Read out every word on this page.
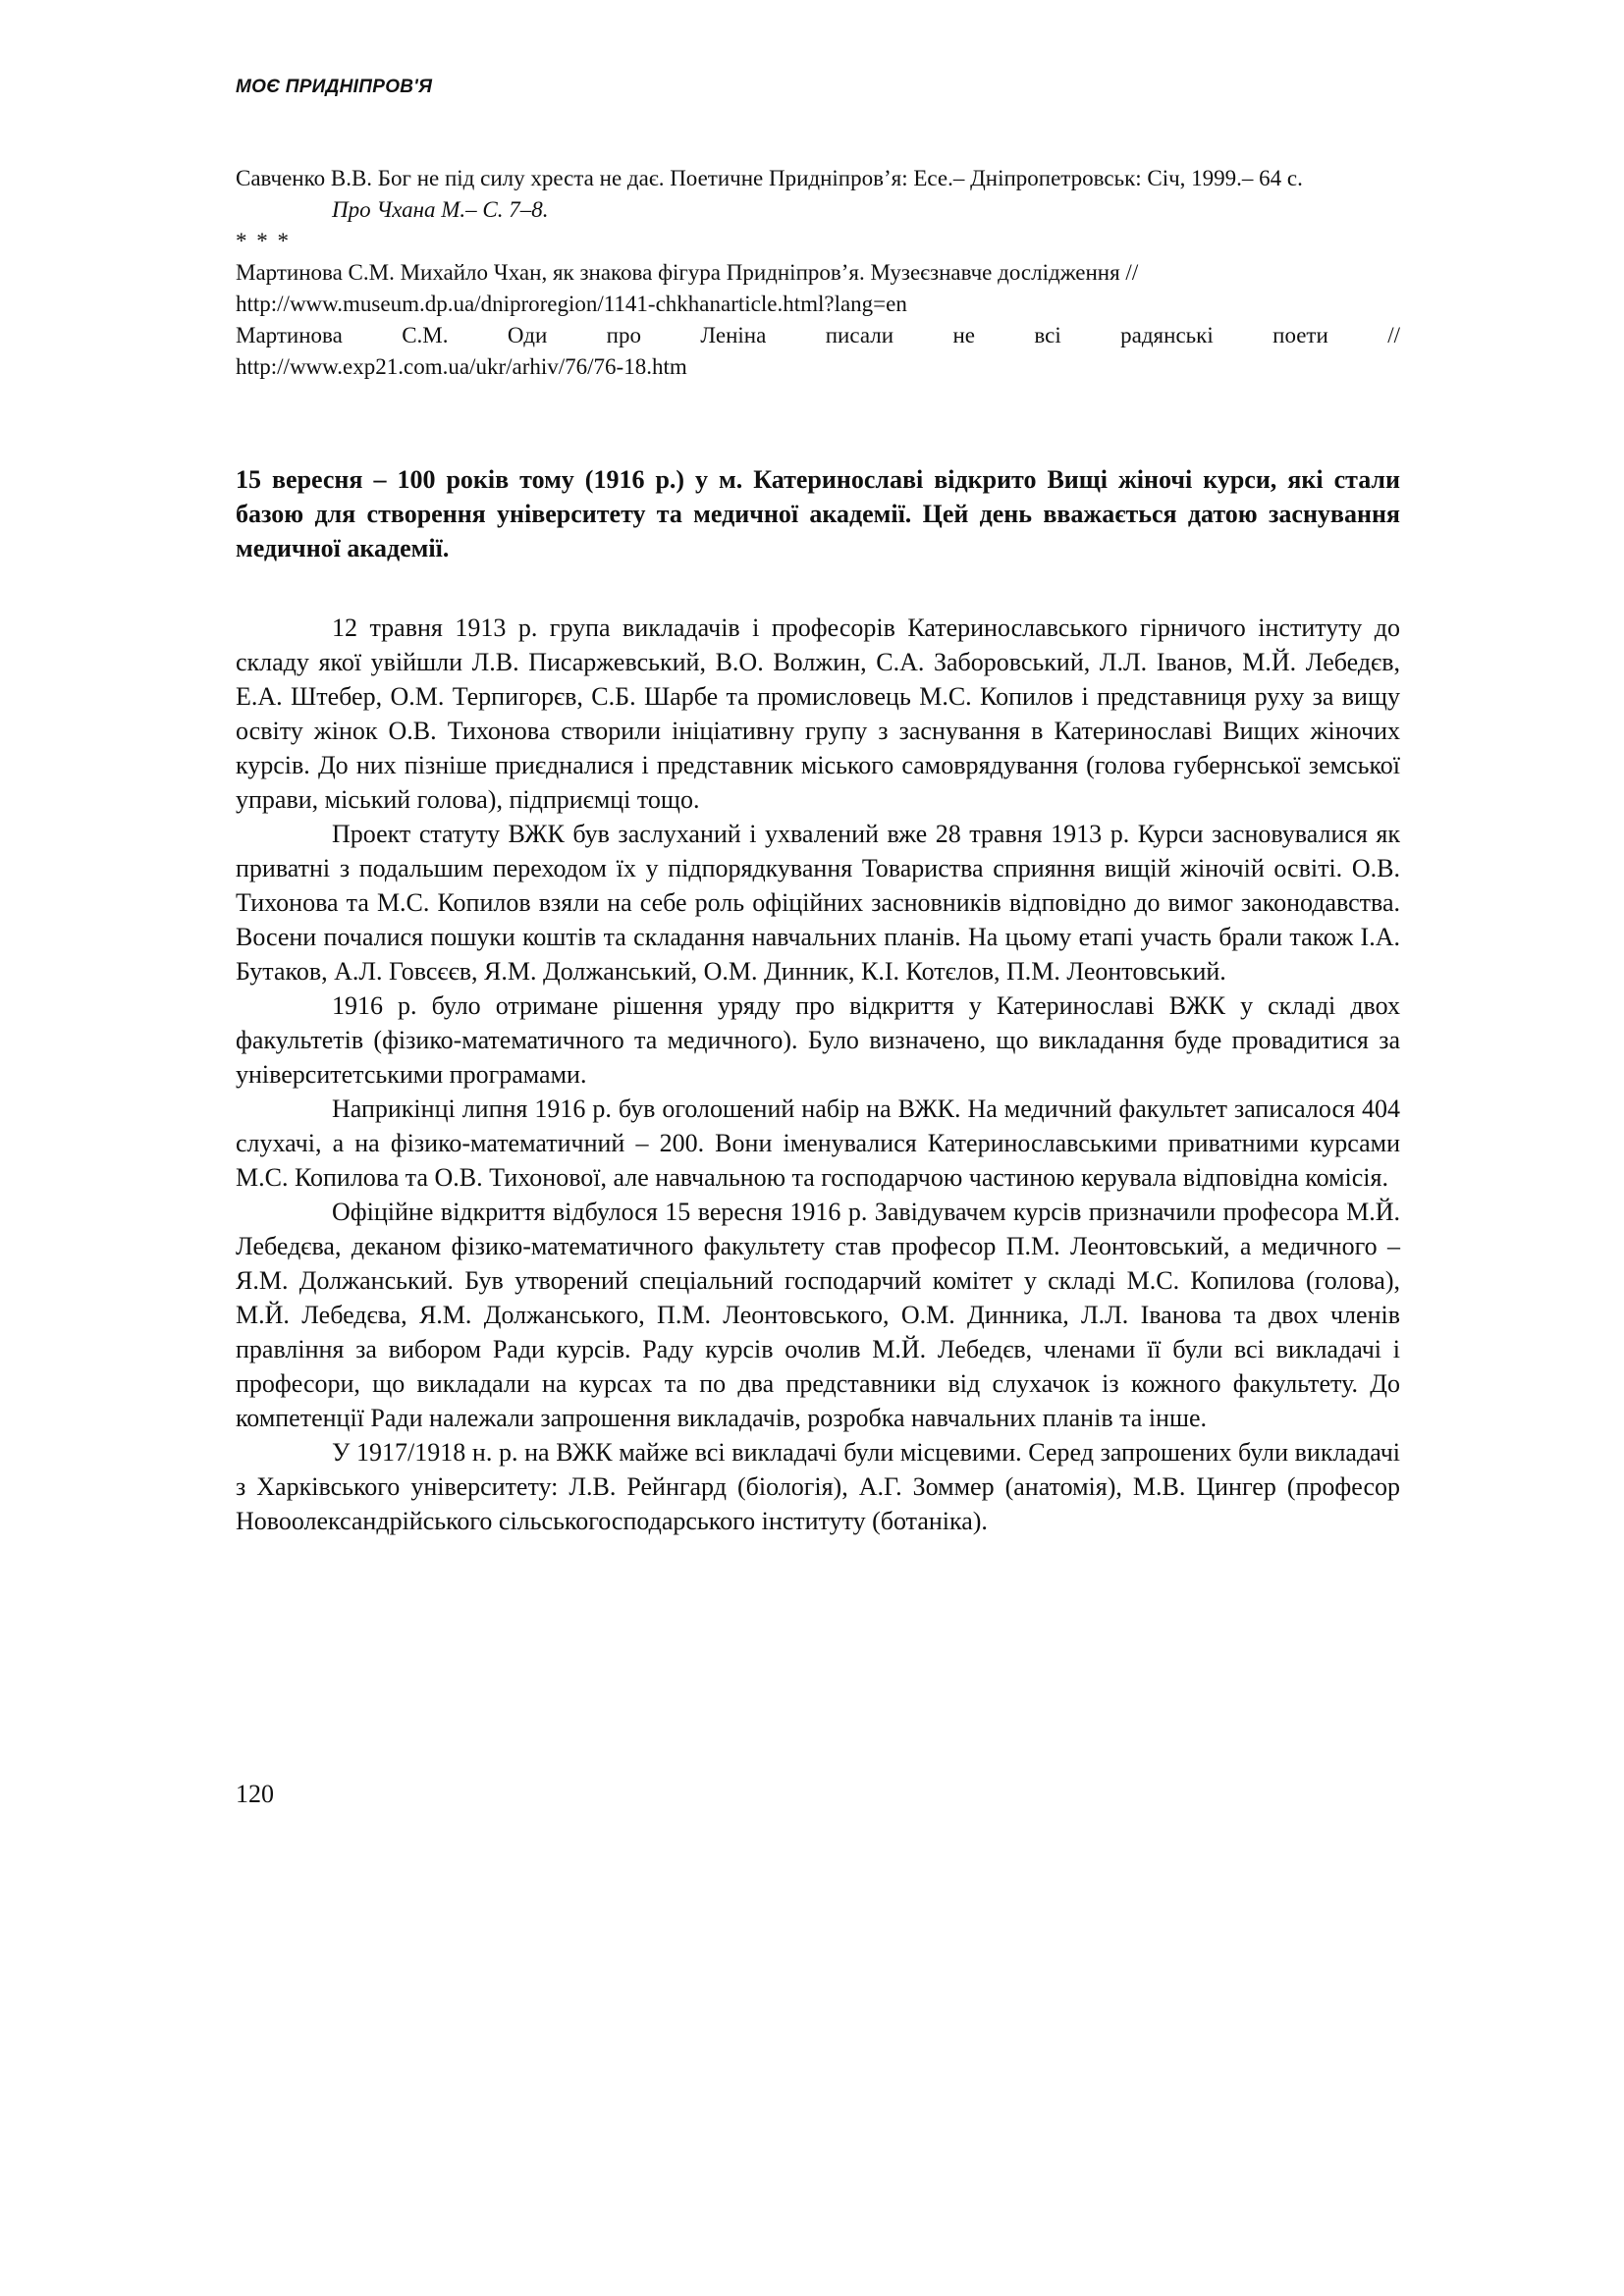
МОЄ ПРИДНІПРОВ'Я

Савченко В.В. Бог не під силу хреста не дає. Поетичне Придніпров’я: Есе.– Дніпропетровськ: Січ, 1999.– 64 с.

Про Чхана М.– С. 7–8.

* * *

Мартинова С.М. Михайло Чхан, як знакова фігура Придніпров’я. Музеєзнавче дослідження //

http://www.museum.dp.ua/dniproregion/1141-chkhanarticle.html?lang=en

Мартинова С.М. Оди про Леніна писали не всі радянські поети //

http://www.exp21.com.ua/ukr/arhiv/76/76-18.htm

15 вересня – 100 років тому (1916 р.) у м. Катеринославі відкрито Вищі жіночі курси, які стали базою для створення університету та медичної академії. Цей день вважається датою заснування медичної академії.

12 травня 1913 р. група викладачів і професорів Катеринославського гірничого інституту до складу якої увійшли Л.В. Писаржевський, В.О. Волжин, С.А. Заборовський, Л.Л. Іванов, М.Й. Лебедєв, Е.А. Штебер, О.М. Терпигорєв, С.Б. Шарбе та промисловець М.С. Копилов і представниця руху за вищу освіту жінок О.В. Тихонова створили ініціативну групу з заснування в Катеринославі Вищих жіночих курсів. До них пізніше приєдналися і представник міського самоврядування (голова губернської земської управи, міський голова), підприємці тощо.

Проект статуту ВЖК був заслуханий і ухвалений вже 28 травня 1913 р. Курси засновувалися як приватні з подальшим переходом їх у підпорядкування Товариства сприяння вищій жіночій освіті. О.В. Тихонова та М.С. Копилов взяли на себе роль офіційних засновників відповідно до вимог законодавства. Восени почалися пошуки коштів та складання навчальних планів. На цьому етапі участь брали також І.А. Бутаков, А.Л. Говсєєв, Я.М. Должанський, О.М. Динник, К.І. Котєлов, П.М. Леонтовський.

1916 р. було отримане рішення уряду про відкриття у Катеринославі ВЖК у складі двох факультетів (фізико-математичного та медичного). Було визначено, що викладання буде провадитися за університетськими програмами.

Наприкінці липня 1916 р. був оголошений набір на ВЖК. На медичний факультет записалося 404 слухачі, а на фізико-математичний – 200. Вони іменувалися Катеринославськими приватними курсами М.С. Копилова та О.В. Тихонової, але навчальною та господарчою частиною керувала відповідна комісія.

Офіційне відкриття відбулося 15 вересня 1916 р. Завідувачем курсів призначили професора М.Й. Лебедєва, деканом фізико-математичного факультету став професор П.М. Леонтовський, а медичного – Я.М. Должанський. Був утворений спеціальний господарчий комітет у складі М.С. Копилова (голова), М.Й. Лебедєва, Я.М. Должанського, П.М. Леонтовського, О.М. Динника, Л.Л. Іванова та двох членів правління за вибором Ради курсів. Раду курсів очолив М.Й. Лебедєв, членами її були всі викладачі і професори, що викладали на курсах та по два представники від слухачок із кожного факультету. До компетенції Ради належали запрошення викладачів, розробка навчальних планів та інше.

У 1917/1918 н. р. на ВЖК майже всі викладачі були місцевими. Серед запрошених були викладачі з Харківського університету: Л.В. Рейнгард (біологія), А.Г. Зоммер (анатомія), М.В. Цингер (професор Новоолександрійського сільськогосподарського інституту (ботаніка).

120
